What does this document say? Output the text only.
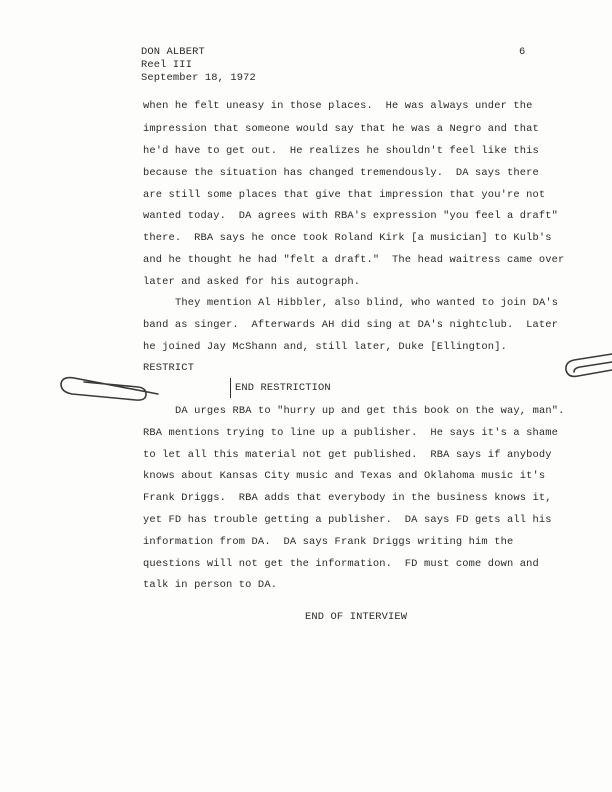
DON ALBERT
Reel III
September 18, 1972
6
when he felt uneasy in those places.  He was always under the
impression that someone would say that he was a Negro and that
he'd have to get out.  He realizes he shouldn't feel like this
because the situation has changed tremendously.  DA says there
are still some places that give that impression that you're not
wanted today.  DA agrees with RBA's expression "you feel a draft"
there.  RBA says he once took Roland Kirk [a musician] to Kulb's
and he thought he had "felt a draft."  The head waitress came over
later and asked for his autograph.
They mention Al Hibbler, also blind, who wanted to join DA's
band as singer.  Afterwards AH did sing at DA's nightclub.  Later
he joined Jay McShann and, still later, Duke [Ellington].
RESTRICT
END RESTRICTION
DA urges RBA to "hurry up and get this book on the way, man".
RBA mentions trying to line up a publisher.  He says it's a shame
to let all this material not get published.  RBA says if anybody
knows about Kansas City music and Texas and Oklahoma music it's
Frank Driggs.  RBA adds that everybody in the business knows it,
yet FD has trouble getting a publisher.  DA says FD gets all his
information from DA.  DA says Frank Driggs writing him the
questions will not get the information.  FD must come down and
talk in person to DA.
END OF INTERVIEW
